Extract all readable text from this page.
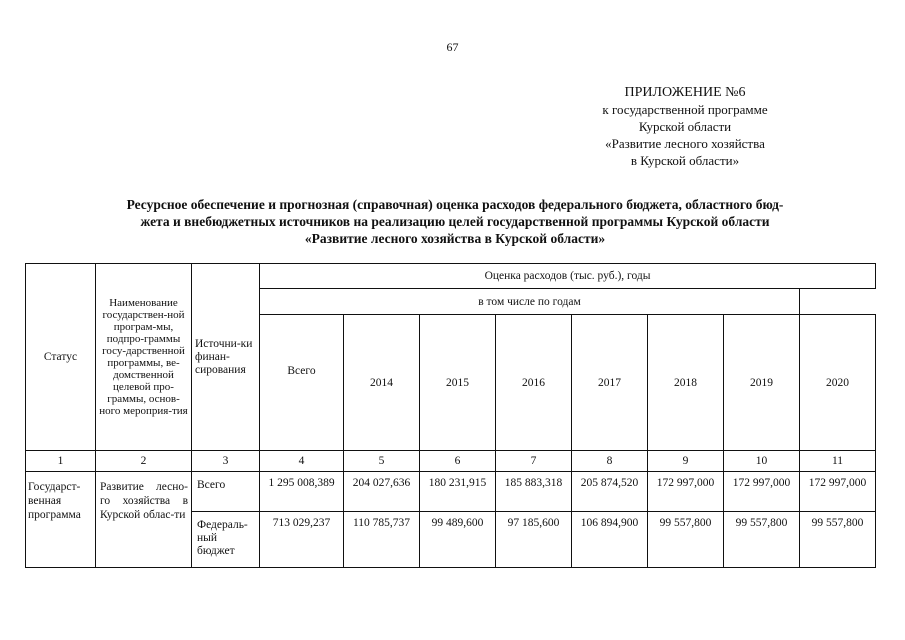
67
ПРИЛОЖЕНИЕ №6
к государственной программе
Курской области
«Развитие лесного хозяйства
в Курской области»
Ресурсное обеспечение и прогнозная (справочная) оценка расходов федерального бюджета, областного бюд-
жета и внебюджетных источников на реализацию целей государственной программы Курской области
«Развитие лесного хозяйства в Курской области»
Статус	Наименование государствен-ной програм-мы, подпро-граммы госу-дарственной программы, ве-домственной целевой про-граммы, основ-ного мероприя-тия	Источни-ки финан-сирования	Оценка расходов (тыс. руб.), годы							
			в том числе по годам							
			Всего	2014	2015	2016	2017	2018	2019	2020
1	2	3	4	5	6	7	8	9	10	11
Государст-венная программа	Развитие лесно-го хозяйства в Курской облас-ти	Всего	1 295 008,389	204 027,636	180 231,915	185 883,318	205 874,520	172 997,000	172 997,000	172 997,000
		Федераль-ный бюджет	713 029,237	110 785,737	99 489,600	97 185,600	106 894,900	99 557,800	99 557,800	99 557,800
